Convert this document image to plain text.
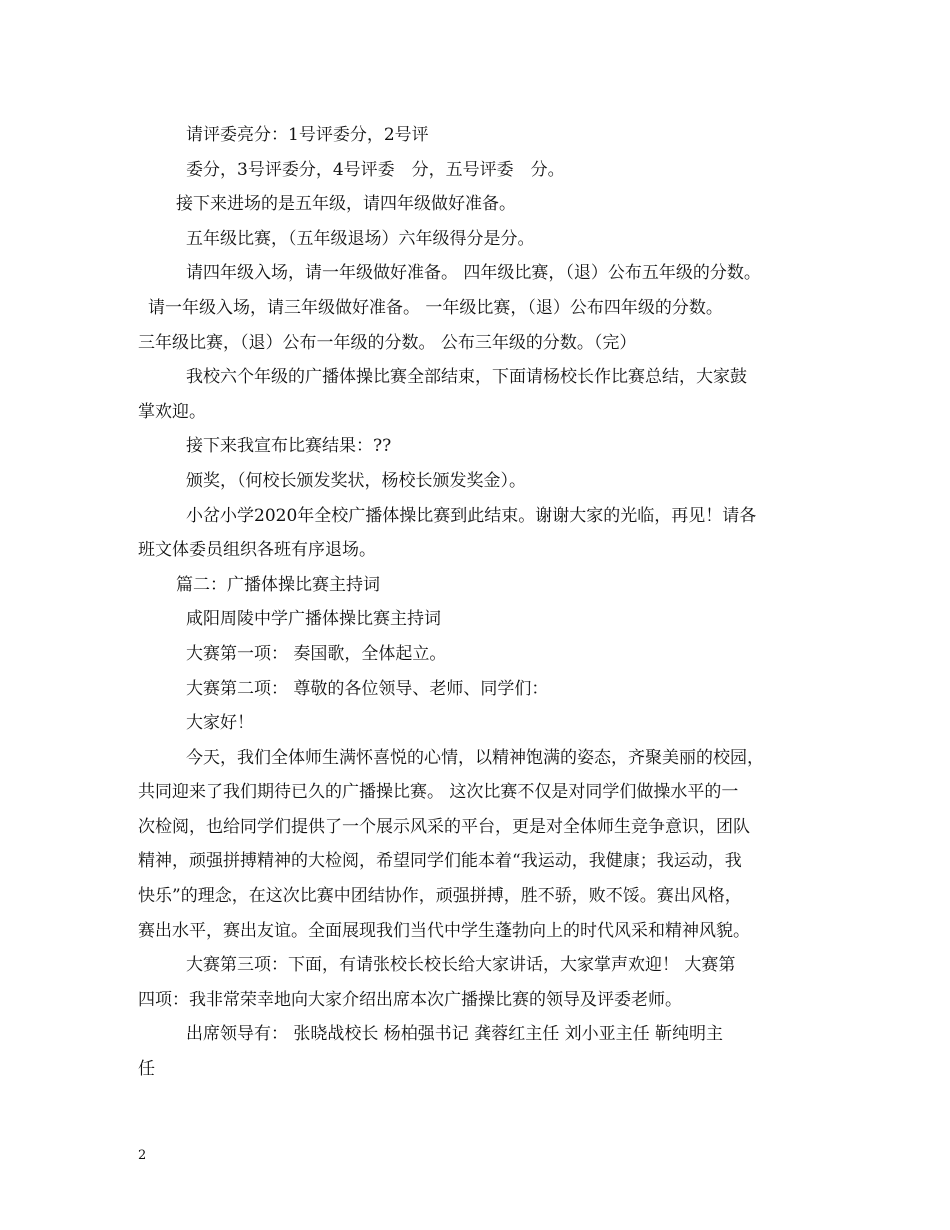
请评委亮分：1号评委分，2号评
委分，3号评委分，4号评委　分，五号评委　分。
接下来进场的是五年级，请四年级做好准备。
五年级比赛，（五年级退场）六年级得分是分。
请四年级入场，请一年级做好准备。 四年级比赛，（退）公布五年级的分数。
请一年级入场，请三年级做好准备。 一年级比赛，（退）公布四年级的分数。
三年级比赛，（退）公布一年级的分数。 公布三年级的分数。（完）
我校六个年级的广播体操比赛全部结束，下面请杨校长作比赛总结，大家鼓
掌欢迎。
接下来我宣布比赛结果：??
颁奖，（何校长颁发奖状，杨校长颁发奖金）。
小岔小学2020年全校广播体操比赛到此结束。谢谢大家的光临，再见！请各
班文体委员组织各班有序退场。
篇二：广播体操比赛主持词
咸阳周陵中学广播体操比赛主持词
大赛第一项： 奏国歌，全体起立。
大赛第二项： 尊敬的各位领导、老师、同学们：
大家好！
今天，我们全体师生满怀喜悦的心情，以精神饱满的姿态，齐聚美丽的校园，
共同迎来了我们期待已久的广播操比赛。 这次比赛不仅是对同学们做操水平的一
次检阅，也给同学们提供了一个展示风采的平台，更是对全体师生竞争意识，团队
精神，顽强拼搏精神的大检阅，希望同学们能本着“我运动，我健康；我运动，我
快乐”的理念，在这次比赛中团结协作，顽强拼搏，胜不骄，败不馁。赛出风格，
赛出水平，赛出友谊。全面展现我们当代中学生蓬勃向上的时代风采和精神风貌。
大赛第三项：下面，有请张校长校长给大家讲话，大家掌声欢迎！ 大赛第
四项：我非常荣幸地向大家介绍出席本次广播操比赛的领导及评委老师。
出席领导有： 张晓战校长 杨柏强书记 龚蓉红主任 刘小亚主任 靳纯明主
任
2
